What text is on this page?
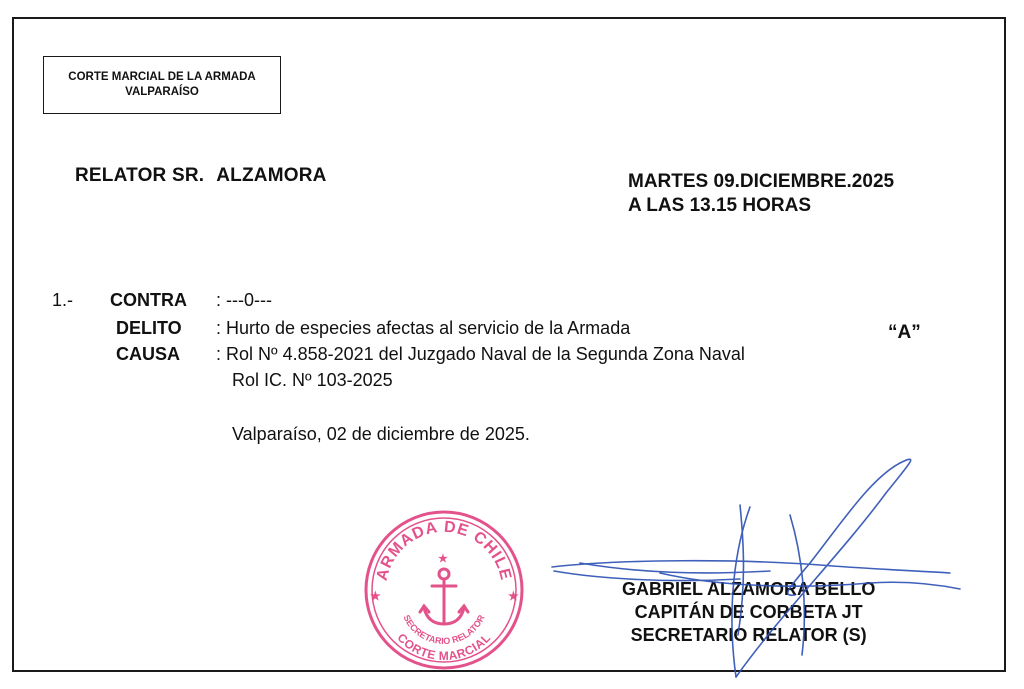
CORTE MARCIAL DE LA ARMADA
VALPARAÍSO
RELATOR SR. ALZAMORA	MARTES 09.DICIEMBRE.2025
A LAS 13.15 HORAS
1.- CONTRA	: ---0---
DELITO	: Hurto de especies afectas al servicio de la Armada	“A”
CAUSA	: Rol Nº 4.858-2021 del Juzgado Naval de la Segunda Zona Naval
Rol IC. Nº 103-2025
Valparaíso, 02 de diciembre de 2025.
ARMADA DE CHILE
SECRETARIO RELATOR
CORTE MARCIAL
★	★
★
GABRIEL ALZAMORA BELLO
CAPITÁN DE CORBETA JT
SECRETARIO RELATOR (S)
